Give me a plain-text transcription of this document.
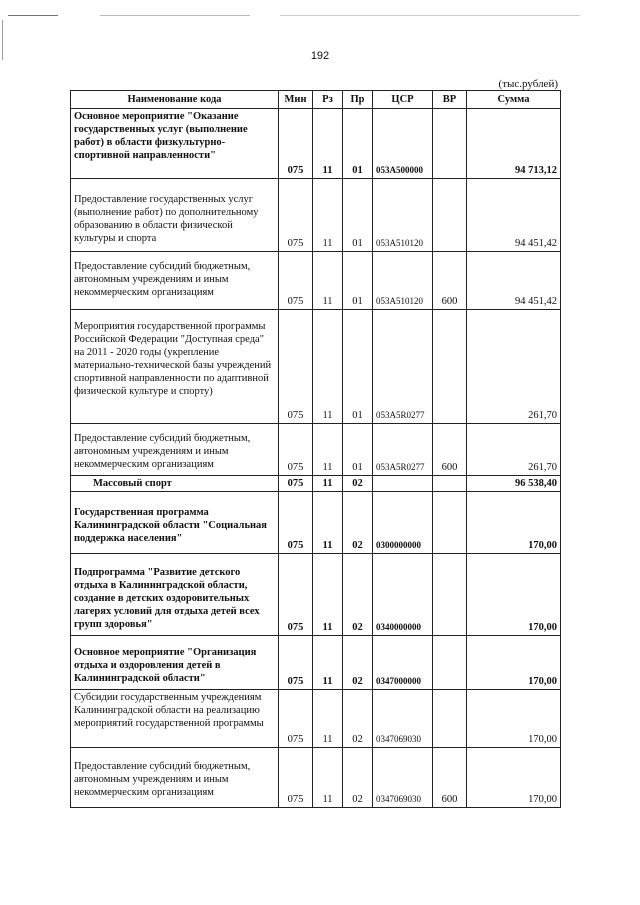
192
(тыс.рублей)
Наименование кода	Мин	Рз	Пр	ЦСР	ВР	Сумма
Основное мероприятие "Оказание государственных услуг (выполнение работ) в области физкультурно-спортивной направленности"	075	11	01	053А500000		94 713,12
Предоставление государственных услуг (выполнение работ) по дополнительному образованию в области физической культуры и спорта	075	11	01	053А510120		94 451,42
Предоставление субсидий бюджетным, автономным учреждениям и иным некоммерческим организациям	075	11	01	053А510120	600	94 451,42
Мероприятия государственной программы Российской Федерации "Доступная среда" на 2011 - 2020 годы (укрепление материально-технической базы учреждений спортивной направленности по адаптивной физической культуре и спорту)	075	11	01	053А5R0277		261,70
Предоставление субсидий бюджетным, автономным учреждениям и иным некоммерческим организациям	075	11	01	053А5R0277	600	261,70
Массовый спорт	075	11	02			96 538,40
Государственная программа Калининградской области "Социальная поддержка населения"	075	11	02	0300000000		170,00
Подпрограмма "Развитие детского отдыха в Калининградской области, создание в детских оздоровительных лагерях условий для отдыха детей всех групп здоровья"	075	11	02	0340000000		170,00
Основное мероприятие "Организация отдыха и оздоровления детей в Калининградской области"	075	11	02	0347000000		170,00
Субсидии государственным учреждениям Калининградской области на реализацию мероприятий государственной программы	075	11	02	0347069030		170,00
Предоставление субсидий бюджетным, автономным учреждениям и иным некоммерческим организациям	075	11	02	0347069030	600	170,00
